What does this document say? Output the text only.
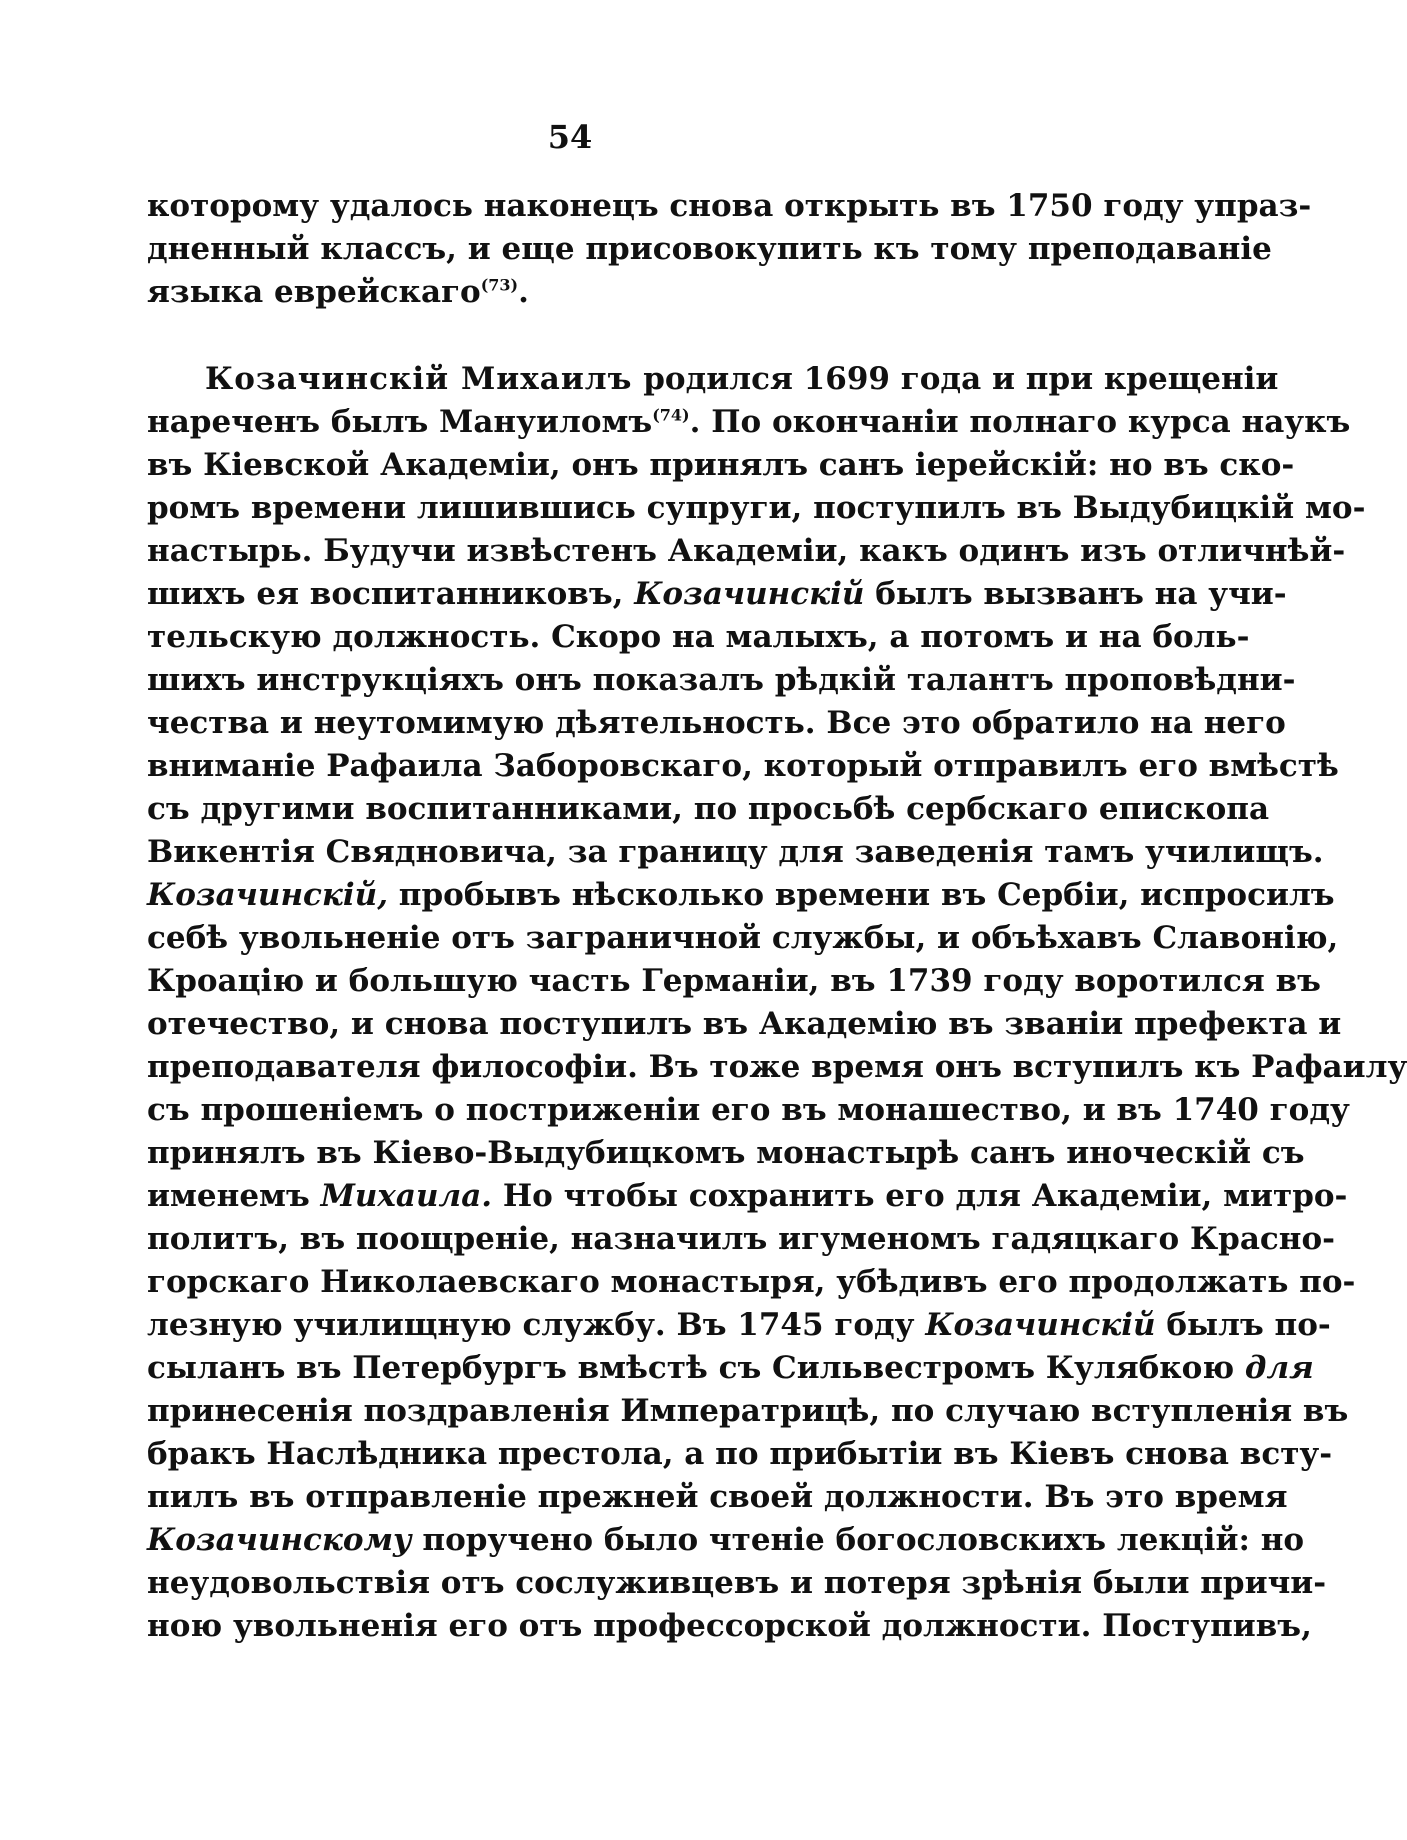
54
которому удалось наконецъ снова открыть въ 1750 году упраз-
дненный классъ, и еще присовокупить къ тому преподаванiе
языка еврейскаго$^{(73)}$.
Козачинскiй Михаилъ родился 1699 года и при крещенiи
нареченъ былъ Мануиломъ$^{(74)}$. По окончанiи полнаго курса наукъ
въ Кiевской Академiи, онъ принялъ санъ iерейскiй: но въ ско-
ромъ времени лишившись супруги, поступилъ въ Выдубицкiй мо-
настырь. Будучи извѣстенъ Академiи, какъ одинъ изъ отличнѣй-
шихъ ея воспитанниковъ, Козачинскiй былъ вызванъ на учи-
тельскую должность. Скоро на малыхъ, а потомъ и на боль-
шихъ инструкцiяхъ онъ показалъ рѣдкiй талантъ проповѣдни-
чества и неутомимую дѣятельность. Все это обратило на него
вниманiе Рафаила Заборовскаго, который отправилъ его вмѣстѣ
съ другими воспитанниками, по просьбѣ сербскаго епископа
Викентiя Свядновича, за границу для заведенiя тамъ училищъ.
Козачинскiй, пробывъ нѣсколько времени въ Сербiи, испросилъ
себѣ увольненiе отъ заграничной службы, и объѣхавъ Славонiю,
Кроацiю и большую часть Германiи, въ 1739 году воротился въ
отечество, и снова поступилъ въ Академiю въ званiи префекта и
преподавателя философiи. Въ тоже время онъ вступилъ къ Рафаилу
съ прошенiемъ о постриженiи его въ монашество, и въ 1740 году
принялъ въ Кiево-Выдубицкомъ монастырѣ санъ иноческiй съ
именемъ Михаила. Но чтобы сохранить его для Академiи, митро-
политъ, въ поощренiе, назначилъ игуменомъ гадяцкаго Красно-
горскаго Николаевскаго монастыря, убѣдивъ его продолжать по-
лезную училищную службу. Въ 1745 году Козачинскiй былъ по-
сыланъ въ Петербургъ вмѣстѣ съ Сильвестромъ Кулябкою для
принесенiя поздравленiя Императрицѣ, по случаю вступленiя въ
бракъ Наслѣдника престола, а по прибытiи въ Кiевъ снова всту-
пилъ въ отправленiе прежней своей должности. Въ это время
Козачинскому поручено было чтенiе богословскихъ лекцiй: но
неудовольствiя отъ сослуживцевъ и потеря зрѣнiя были причи-
ною увольненiя его отъ профессорской должности. Поступивъ,
